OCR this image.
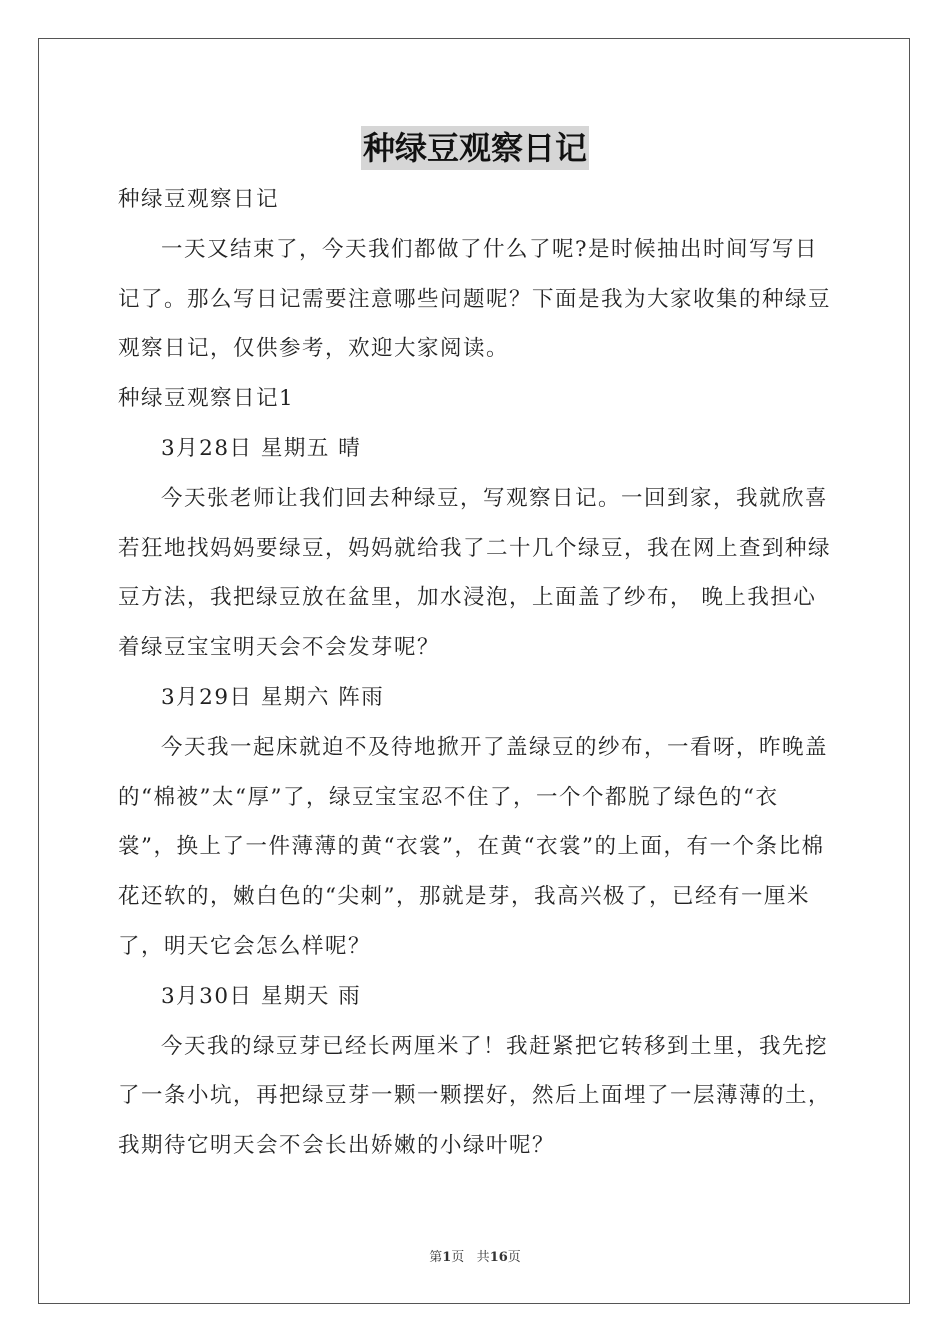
种绿豆观察日记

种绿豆观察日记

一天又结束了，今天我们都做了什么了呢?是时候抽出时间写写日记了。那么写日记需要注意哪些问题呢？下面是我为大家收集的种绿豆观察日记，仅供参考，欢迎大家阅读。

种绿豆观察日记1

3月28日 星期五 晴

今天张老师让我们回去种绿豆，写观察日记。一回到家，我就欣喜若狂地找妈妈要绿豆，妈妈就给我了二十几个绿豆，我在网上查到种绿豆方法，我把绿豆放在盆里，加水浸泡，上面盖了纱布， 晚上我担心着绿豆宝宝明天会不会发芽呢？

3月29日 星期六 阵雨

今天我一起床就迫不及待地掀开了盖绿豆的纱布，一看呀，昨晚盖的“棉被”太“厚”了，绿豆宝宝忍不住了，一个个都脱了绿色的“衣裳”，换上了一件薄薄的黄“衣裳”，在黄“衣裳”的上面，有一个条比棉花还软的，嫩白色的“尖刺”，那就是芽，我高兴极了，已经有一厘米了，明天它会怎么样呢？

3月30日 星期天 雨

今天我的绿豆芽已经长两厘米了！我赶紧把它转移到土里，我先挖了一条小坑，再把绿豆芽一颗一颗摆好，然后上面埋了一层薄薄的土，我期待它明天会不会长出娇嫩的小绿叶呢？

第1页 共16页
